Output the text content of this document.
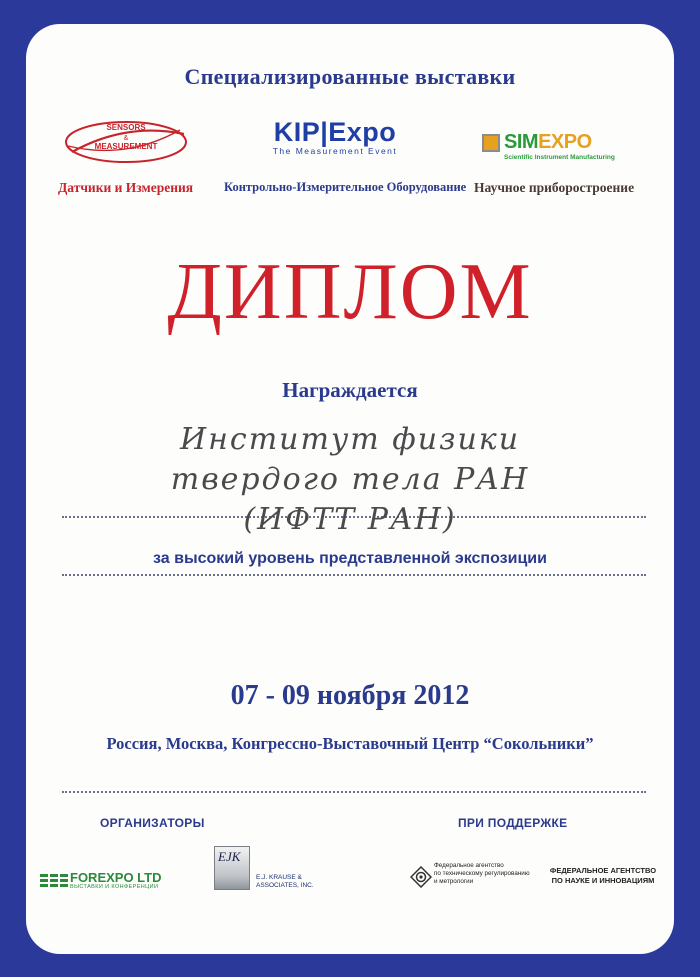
Специализированные выставки
SENSORS
&
MEASUREMENT	KIP|Expo
The Measurement Event	SIMEXPO
Scientific Instrument Manufacturing
Датчики и Измерения Контрольно-Измерительное Оборудование Научное приборостроение
ДИПЛОМ
Награждается
Институт физики
твердого тела РАН
(ИФТТ РАН)
за высокий уровень представленной экспозиции
07 - 09 ноября 2012
Россия, Москва, Конгрессно-Выставочный Центр “Сокольники”
ОРГАНИЗАТОРЫ	ПРИ ПОДДЕРЖКЕ
FOREXPO LTD
ВЫСТАВКИ И КОНФЕРЕНЦИИ
EJK
E.J. KRAUSE &
ASSOCIATES, INC.
Федеральное агентство
по техническому регулированию
и метрологии
ФЕДЕРАЛЬНОЕ АГЕНТСТВО
ПО НАУКЕ И ИННОВАЦИЯМ
